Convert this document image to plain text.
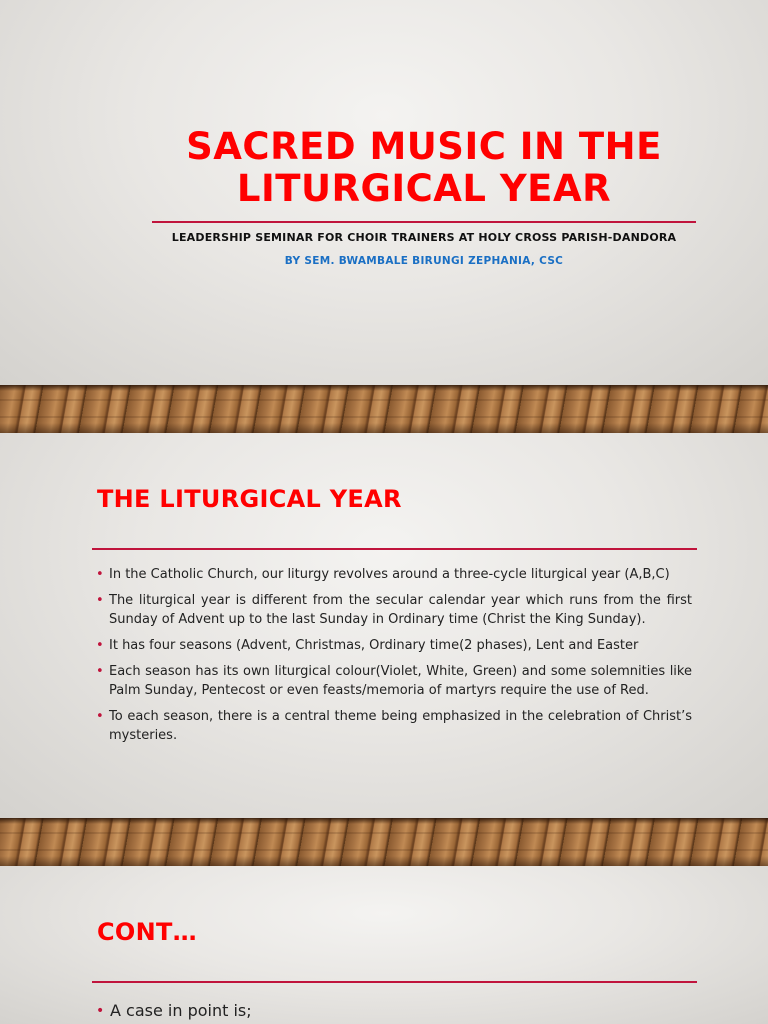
SACRED MUSIC IN THE
LITURGICAL YEAR
LEADERSHIP SEMINAR FOR CHOIR TRAINERS AT HOLY CROSS PARISH-DANDORA
BY SEM. BWAMBALE BIRUNGI ZEPHANIA, CSC
THE LITURGICAL YEAR
• In the Catholic Church, our liturgy revolves around a three-cycle liturgical year (A,B,C)
• The liturgical year is different from the secular calendar year which runs from the first Sunday of Advent up to the last Sunday in Ordinary time (Christ the King Sunday).
• It has four seasons (Advent, Christmas, Ordinary time(2 phases), Lent and Easter
• Each season has its own liturgical colour(Violet, White, Green) and some solemnities like Palm Sunday, Pentecost or even feasts/memoria of martyrs require the use of Red.
• To each season, there is a central theme being emphasized in the celebration of Christ’s mysteries.
CONT…
• A case in point is;
